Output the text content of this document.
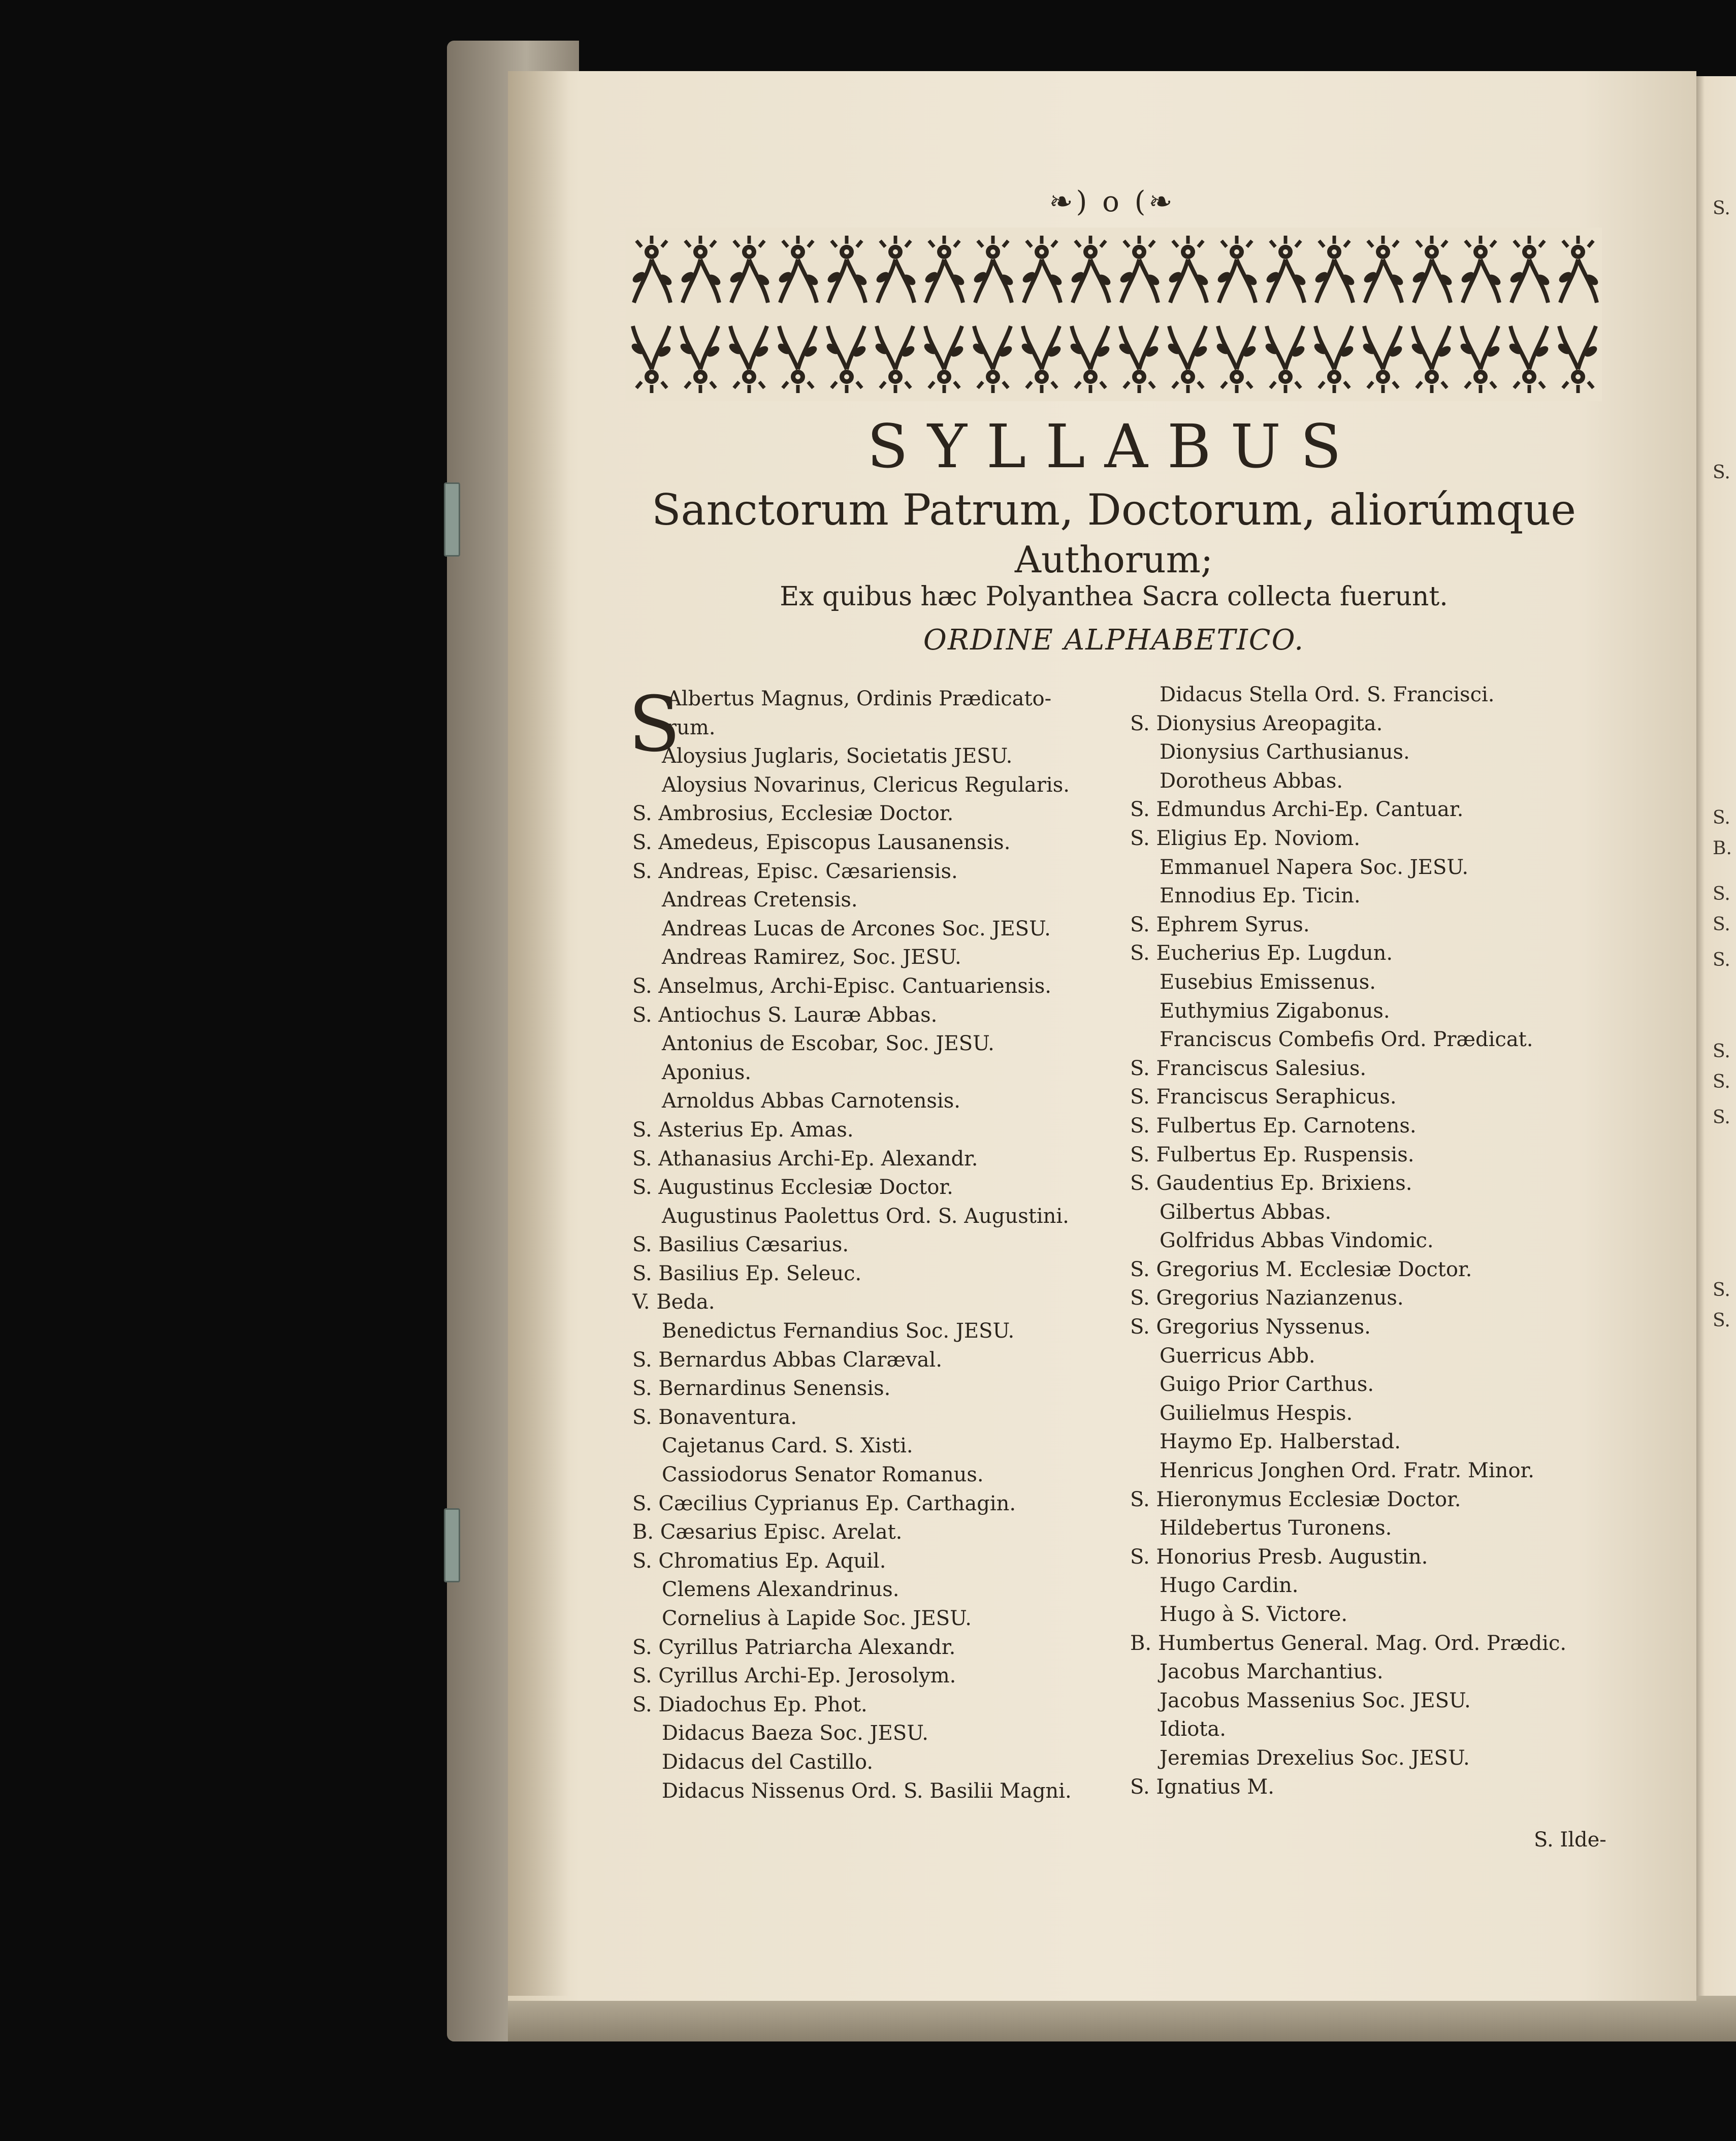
S.
S.
S.
B.
S.
S.
S.
S.
S.
S.
S.
S.
❧) o (❧
SYLLABUS
Sanctorum Patrum, Doctorum, aliorúmque
Authorum;
Ex quibus hæc Polyanthea Sacra collecta fuerunt.
ORDINE ALPHABETICO.
S
Albertus Magnus, Ordinis Prædicato-
rum.
Aloysius Juglaris, Societatis JESU.
Aloysius Novarinus, Clericus Regularis.
S. Ambrosius, Ecclesiæ Doctor.
S. Amedeus, Episcopus Lausanensis.
S. Andreas, Episc. Cæsariensis.
Andreas Cretensis.
Andreas Lucas de Arcones Soc. JESU.
Andreas Ramirez, Soc. JESU.
S. Anselmus, Archi-Episc. Cantuariensis.
S. Antiochus S. Lauræ Abbas.
Antonius de Escobar, Soc. JESU.
Aponius.
Arnoldus Abbas Carnotensis.
S. Asterius Ep. Amas.
S. Athanasius Archi-Ep. Alexandr.
S. Augustinus Ecclesiæ Doctor.
Augustinus Paolettus Ord. S. Augustini.
S. Basilius Cæsarius.
S. Basilius Ep. Seleuc.
V. Beda.
Benedictus Fernandius Soc. JESU.
S. Bernardus Abbas Claræval.
S. Bernardinus Senensis.
S. Bonaventura.
Cajetanus Card. S. Xisti.
Cassiodorus Senator Romanus.
S. Cæcilius Cyprianus Ep. Carthagin.
B. Cæsarius Episc. Arelat.
S. Chromatius Ep. Aquil.
Clemens Alexandrinus.
Cornelius à Lapide Soc. JESU.
S. Cyrillus Patriarcha Alexandr.
S. Cyrillus Archi-Ep. Jerosolym.
S. Diadochus Ep. Phot.
Didacus Baeza Soc. JESU.
Didacus del Castillo.
Didacus Nissenus Ord. S. Basilii Magni.
Didacus Stella Ord. S. Francisci.
S. Dionysius Areopagita.
Dionysius Carthusianus.
Dorotheus Abbas.
S. Edmundus Archi-Ep. Cantuar.
S. Eligius Ep. Noviom.
Emmanuel Napera Soc. JESU.
Ennodius Ep. Ticin.
S. Ephrem Syrus.
S. Eucherius Ep. Lugdun.
Eusebius Emissenus.
Euthymius Zigabonus.
Franciscus Combefis Ord. Prædicat.
S. Franciscus Salesius.
S. Franciscus Seraphicus.
S. Fulbertus Ep. Carnotens.
S. Fulbertus Ep. Ruspensis.
S. Gaudentius Ep. Brixiens.
Gilbertus Abbas.
Golfridus Abbas Vindomic.
S. Gregorius M. Ecclesiæ Doctor.
S. Gregorius Nazianzenus.
S. Gregorius Nyssenus.
Guerricus Abb.
Guigo Prior Carthus.
Guilielmus Hespis.
Haymo Ep. Halberstad.
Henricus Jonghen Ord. Fratr. Minor.
S. Hieronymus Ecclesiæ Doctor.
Hildebertus Turonens.
S. Honorius Presb. Augustin.
Hugo Cardin.
Hugo à S. Victore.
B. Humbertus General. Mag. Ord. Prædic.
Jacobus Marchantius.
Jacobus Massenius Soc. JESU.
Idiota.
Jeremias Drexelius Soc. JESU.
S. Ignatius M.
S. Ilde-
